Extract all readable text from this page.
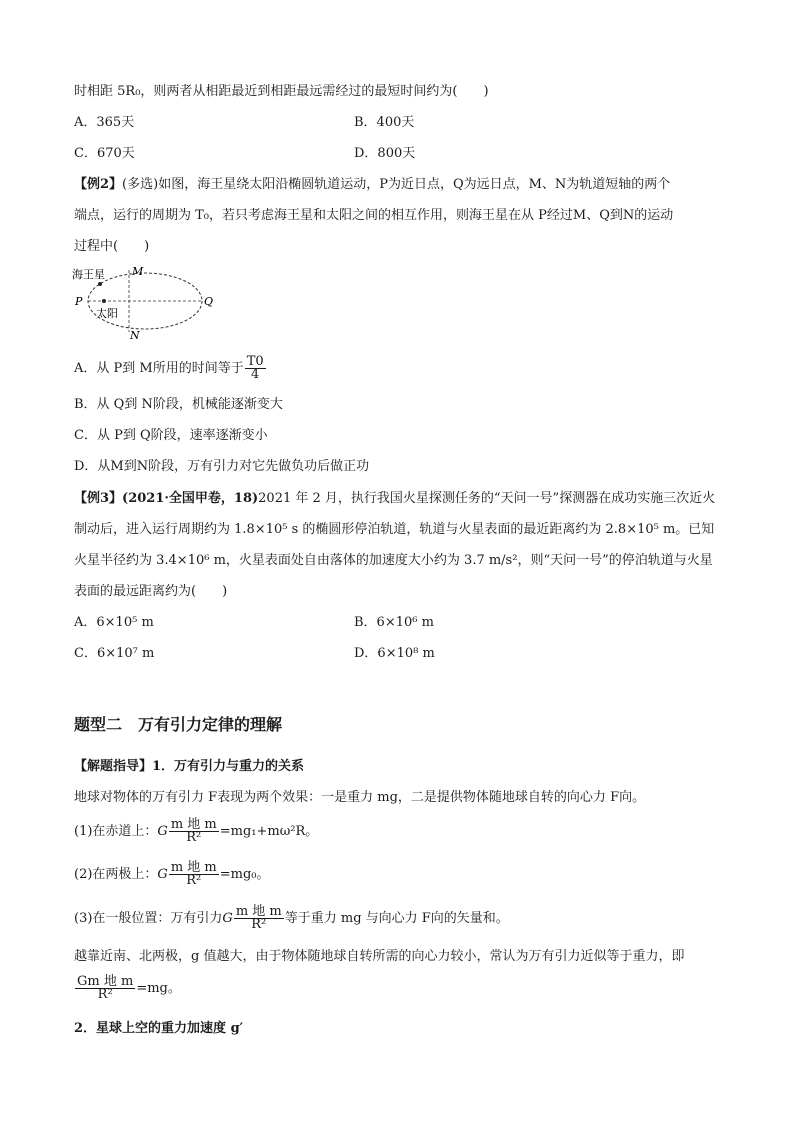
时相距 5R₀，则两者从相距最近到相距最远需经过的最短时间约为(　　)
A．365天	B．400天
C．670天	D．800天
【例2】(多选)如图，海王星绕太阳沿椭圆轨道运动，P为近日点，Q为远日点，M、N为轨道短轴的两个
端点，运行的周期为 T₀，若只考虑海王星和太阳之间的相互作用，则海王星在从 P经过M、Q到N的运动
过程中(　　)
海王星 M
P	Q
太阳
N
A．从 P到 M所用的时间等于 $\frac{T0}{4}$
B．从 Q到 N阶段，机械能逐渐变大
C．从 P到 Q阶段，速率逐渐变小
D．从M到N阶段，万有引力对它先做负功后做正功
【例3】(2021·全国甲卷，18)2021 年 2 月，执行我国火星探测任务的“天问一号”探测器在成功实施三次近火
制动后，进入运行周期约为 1.8×10⁵ s 的椭圆形停泊轨道，轨道与火星表面的最近距离约为 2.8×10⁵ m。已知
火星半径约为 3.4×10⁶ m，火星表面处自由落体的加速度大小约为 3.7 m/s²，则“天问一号”的停泊轨道与火星
表面的最远距离约为(　　)
A．6×10⁵ m	B．6×10⁶ m
C．6×10⁷ m	D．6×10⁸ m
题型二　万有引力定律的理解
【解题指导】1．万有引力与重力的关系
地球对物体的万有引力 F表现为两个效果：一是重力 mg，二是提供物体随地球自转的向心力 F向。
(1)在赤道上：G $\frac{\text{m 地 m}}{\text{R²}} =mg_1+m\omega^2R$。
(2)在两极上：G $\frac{\text{m 地 m}}{\text{R²}} =mg_0$。
(3)在一般位置：万有引力G $\frac{\text{m 地 m}}{\text{R²}}$ 等于重力 mg 与向心力 F向的矢量和。
越靠近南、北两极，g 值越大，由于物体随地球自转所需的向心力较小，常认为万有引力近似等于重力，即
$\frac{\text{Gm 地 m}}{\text{R²}} =mg$。
2．星球上空的重力加速度 g′
